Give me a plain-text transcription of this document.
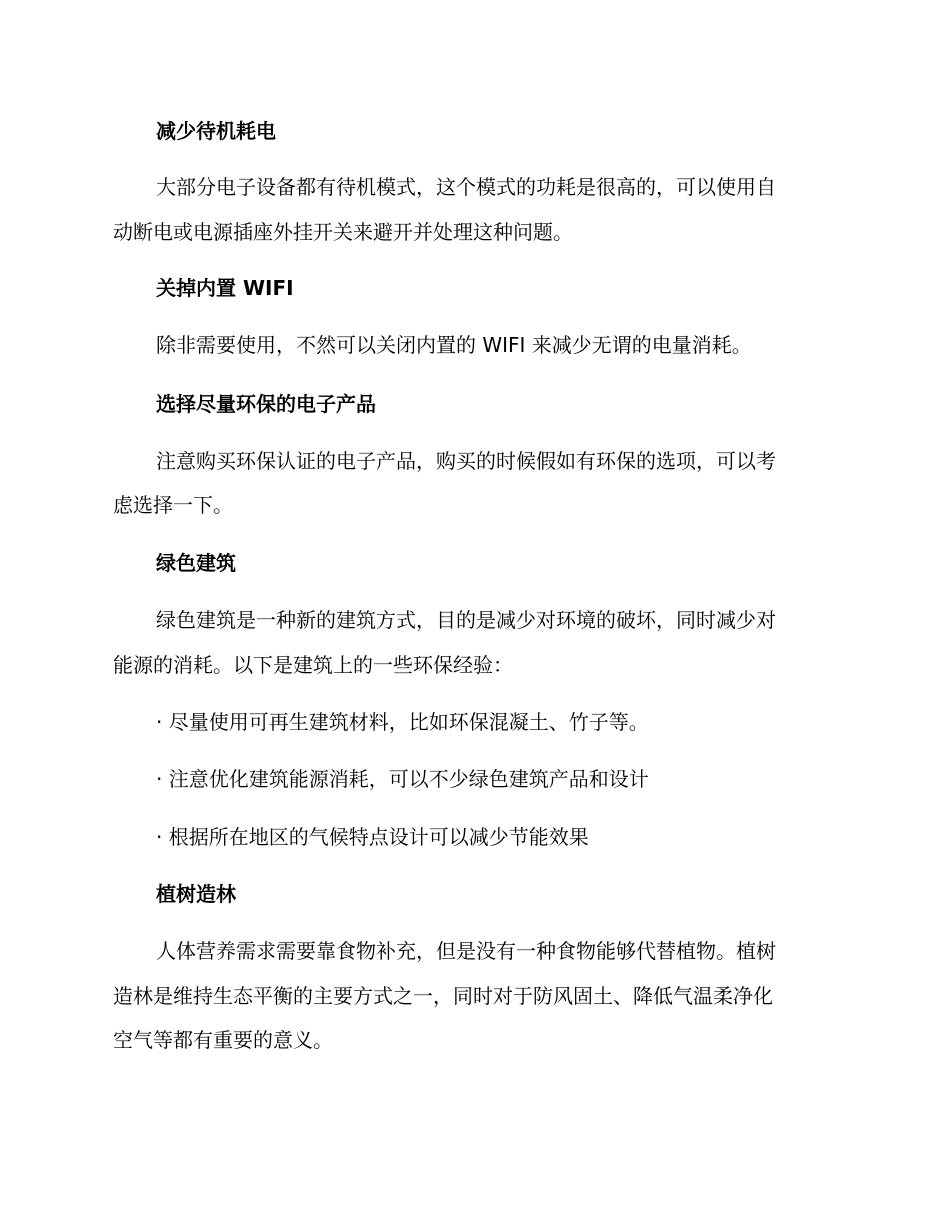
减少待机耗电

大部分电子设备都有待机模式，这个模式的功耗是很高的，可以使用自

动断电或电源插座外挂开关来避开并处理这种问题。

关掉内置 WIFI

除非需要使用，不然可以关闭内置的 WIFI 来减少无谓的电量消耗。

选择尽量环保的电子产品

注意购买环保认证的电子产品，购买的时候假如有环保的选项，可以考

虑选择一下。

绿色建筑

绿色建筑是一种新的建筑方式，目的是减少对环境的破坏，同时减少对

能源的消耗。以下是建筑上的一些环保经验：

· 尽量使用可再生建筑材料，比如环保混凝土、竹子等。

· 注意优化建筑能源消耗，可以不少绿色建筑产品和设计

· 根据所在地区的气候特点设计可以减少节能效果

植树造林

人体营养需求需要靠食物补充，但是没有一种食物能够代替植物。植树

造林是维持生态平衡的主要方式之一，同时对于防风固土、降低气温柔净化

空气等都有重要的意义。
